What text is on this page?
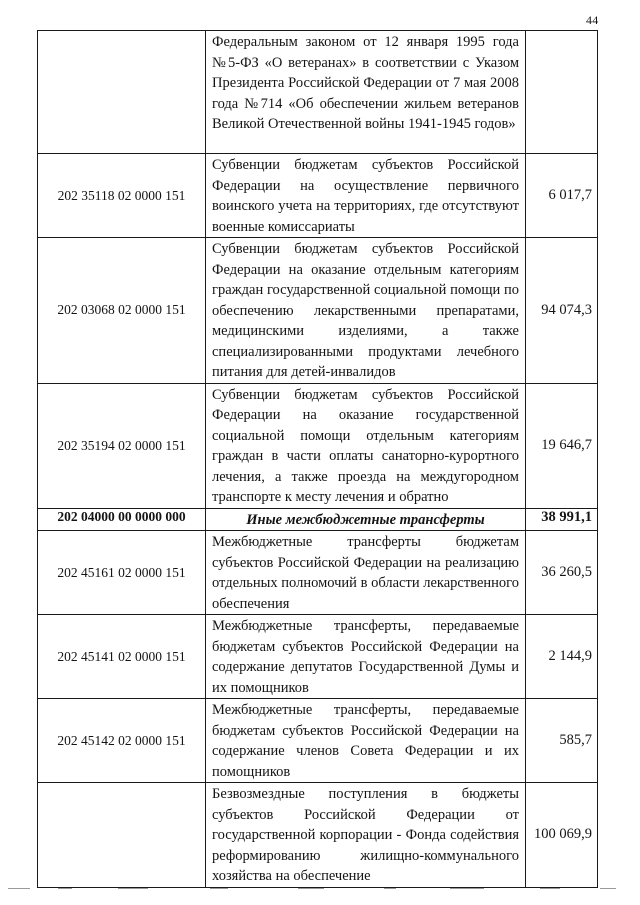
44
	Федеральным законом от 12 января 1995 года №5-ФЗ «О ветеранах» в соответствии с Указом Президента Российской Федерации от 7 мая 2008 года №714 «Об обеспечении жильем ветеранов Великой Отечественной войны 1941-1945 годов»	
202 35118 02 0000 151	Субвенции бюджетам субъектов Российской Федерации на осуществление первичного воинского учета на территориях, где отсутствуют военные комиссариаты	6 017,7
202 03068 02 0000 151	Субвенции бюджетам субъектов Российской Федерации на оказание отдельным категориям граждан государственной социальной помощи по обеспечению лекарственными препаратами, медицинскими изделиями, а также специализированными продуктами лечебного питания для детей-инвалидов	94 074,3
202 35194 02 0000 151	Субвенции бюджетам субъектов Российской Федерации на оказание государственной социальной помощи отдельным категориям граждан в части оплаты санаторно-курортного лечения, а также проезда на междугородном транспорте к месту лечения и обратно	19 646,7
202 04000 00 0000 000	Иные межбюджетные трансферты	38 991,1
202 45161 02 0000 151	Межбюджетные трансферты бюджетам субъектов Российской Федерации на реализацию отдельных полномочий в области лекарственного обеспечения	36 260,5
202 45141 02 0000 151	Межбюджетные трансферты, передаваемые бюджетам субъектов Российской Федерации на содержание депутатов Государственной Думы и их помощников	2 144,9
202 45142 02 0000 151	Межбюджетные трансферты, передаваемые бюджетам субъектов Российской Федерации на содержание членов Совета Федерации и их помощников	585,7
	Безвозмездные поступления в бюджеты субъектов Российской Федерации от государственной корпорации - Фонда содействия реформированию жилищно-коммунального хозяйства на обеспечение	100 069,9
